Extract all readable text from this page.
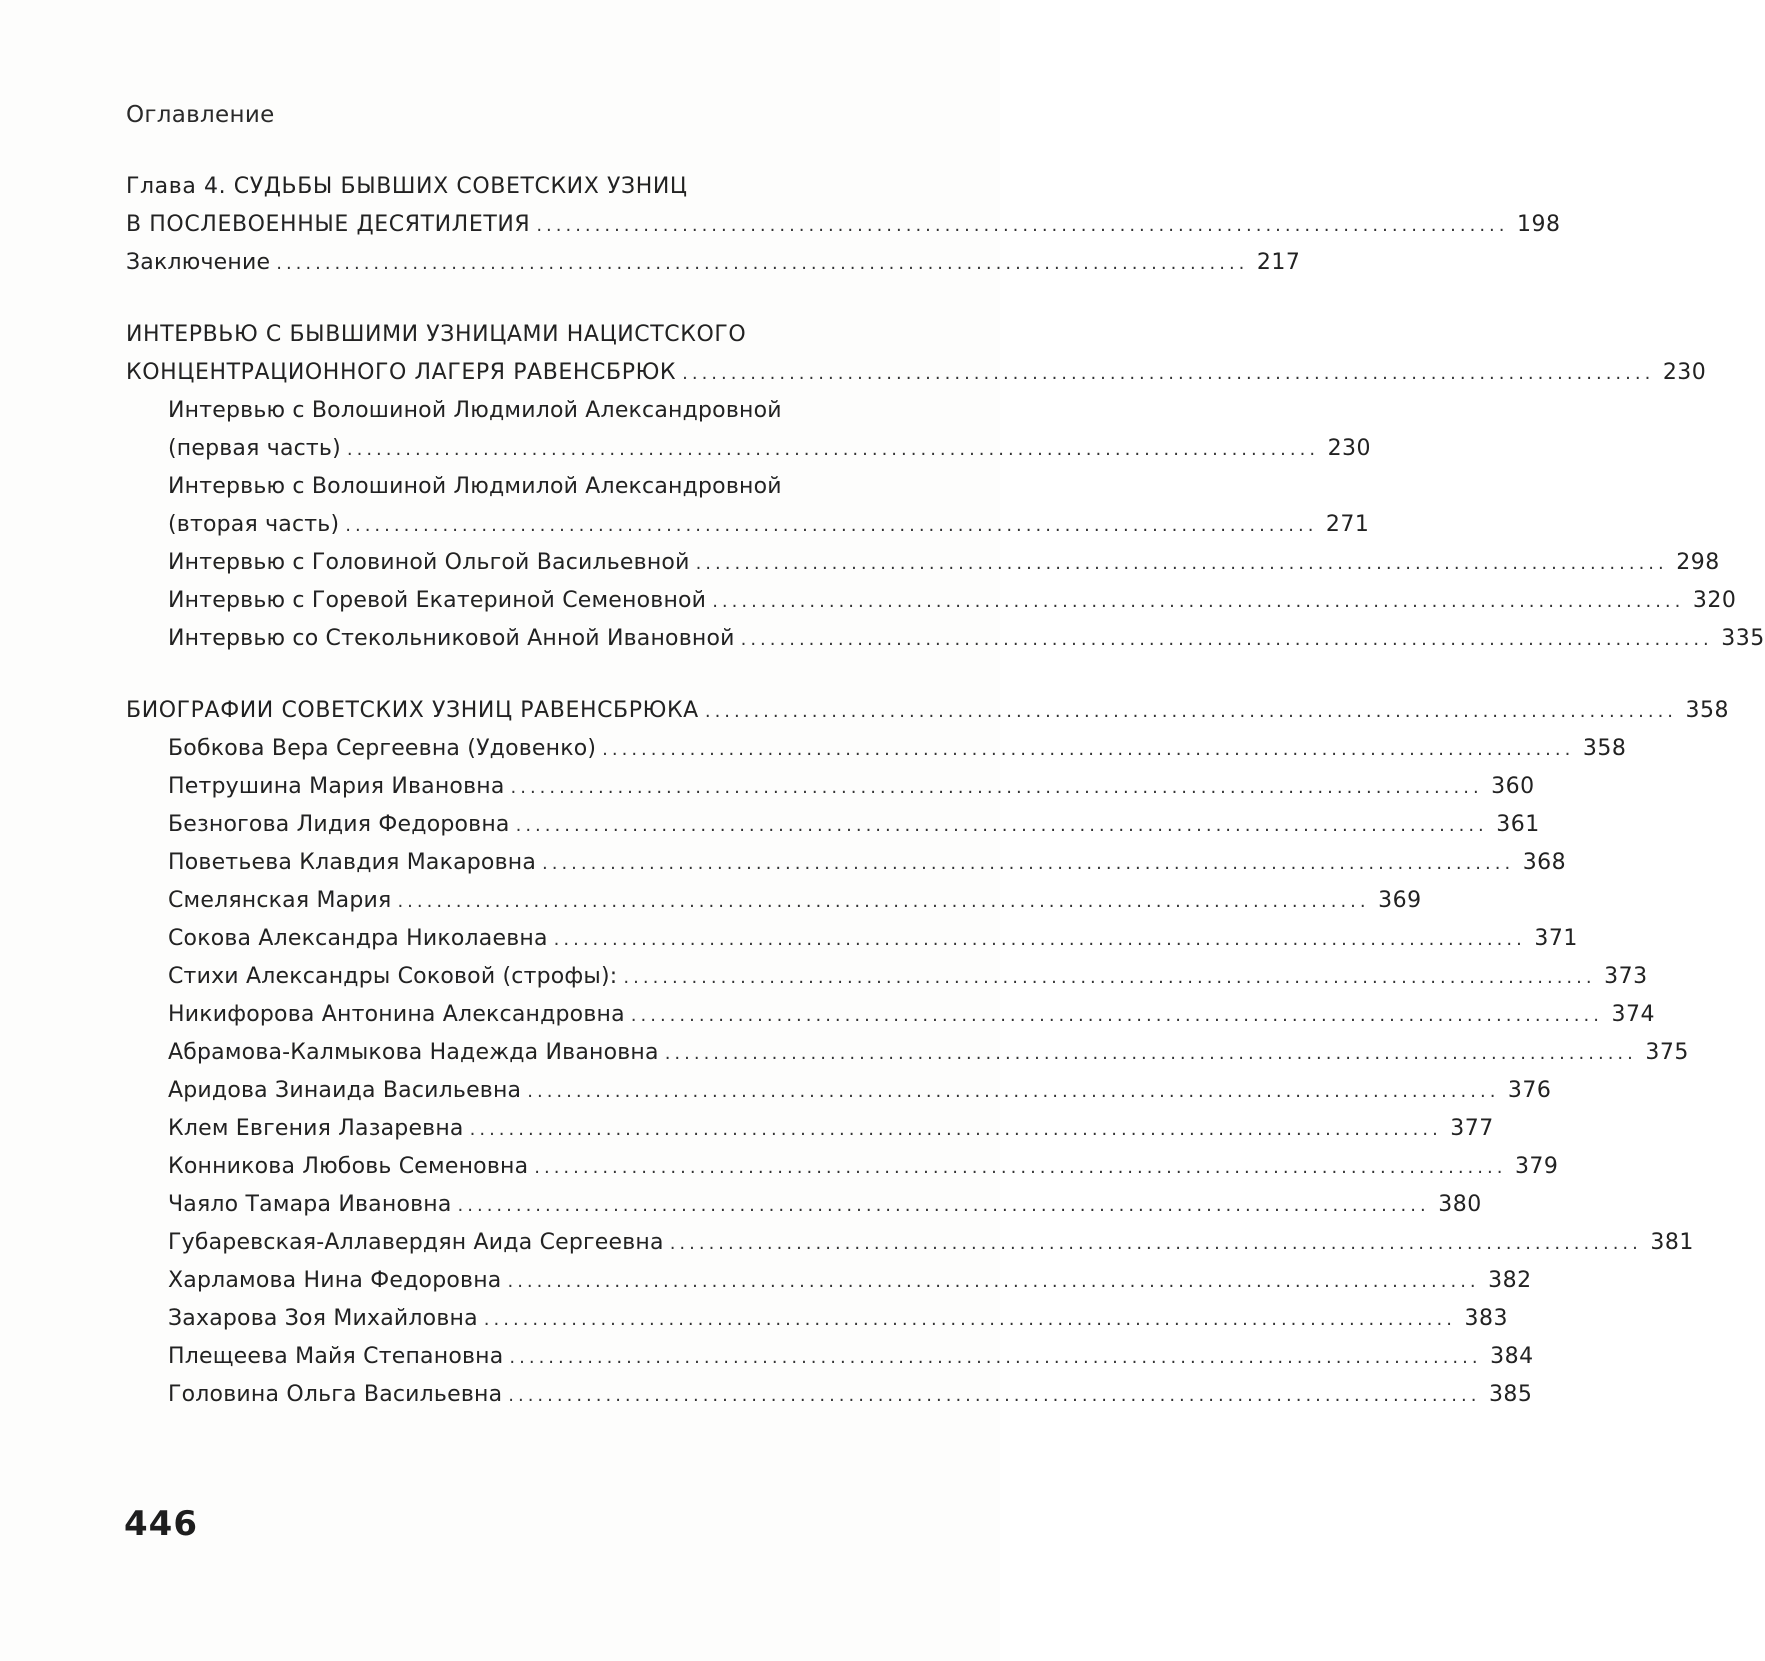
Оглавление
Глава 4. СУДЬБЫ БЫВШИХ СОВЕТСКИХ УЗНИЦ
В ПОСЛЕВОЕННЫЕ ДЕСЯТИЛЕТИЯ .................................................................................................... 198
Заключение .................................................................................................... 217
ИНТЕРВЬЮ С БЫВШИМИ УЗНИЦАМИ НАЦИСТСКОГО
КОНЦЕНТРАЦИОННОГО ЛАГЕРЯ РАВЕНСБРЮК .................................................................................................... 230
Интервью с Волошиной Людмилой Александровной
(первая часть) .................................................................................................... 230
Интервью с Волошиной Людмилой Александровной
(вторая часть) .................................................................................................... 271
Интервью с Головиной Ольгой Васильевной .................................................................................................... 298
Интервью с Горевой Екатериной Семеновной .................................................................................................... 320
Интервью со Стекольниковой Анной Ивановной .................................................................................................... 335
БИОГРАФИИ СОВЕТСКИХ УЗНИЦ РАВЕНСБРЮКА .................................................................................................... 358
Бобкова Вера Сергеевна (Удовенко) .................................................................................................... 358
Петрушина Мария Ивановна .................................................................................................... 360
Безногова Лидия Федоровна .................................................................................................... 361
Поветьева Клавдия Макаровна .................................................................................................... 368
Смелянская Мария .................................................................................................... 369
Сокова Александра Николаевна .................................................................................................... 371
Стихи Александры Соковой (строфы): .................................................................................................... 373
Никифорова Антонина Александровна .................................................................................................... 374
Абрамова-Калмыкова Надежда Ивановна .................................................................................................... 375
Аридова Зинаида Васильевна .................................................................................................... 376
Клем Евгения Лазаревна .................................................................................................... 377
Конникова Любовь Семеновна .................................................................................................... 379
Чаяло Тамара Ивановна .................................................................................................... 380
Губаревская-Аллавердян Аида Сергеевна .................................................................................................... 381
Харламова Нина Федоровна .................................................................................................... 382
Захарова Зоя Михайловна .................................................................................................... 383
Плещеева Майя Степановна .................................................................................................... 384
Головина Ольга Васильевна .................................................................................................... 385
446
